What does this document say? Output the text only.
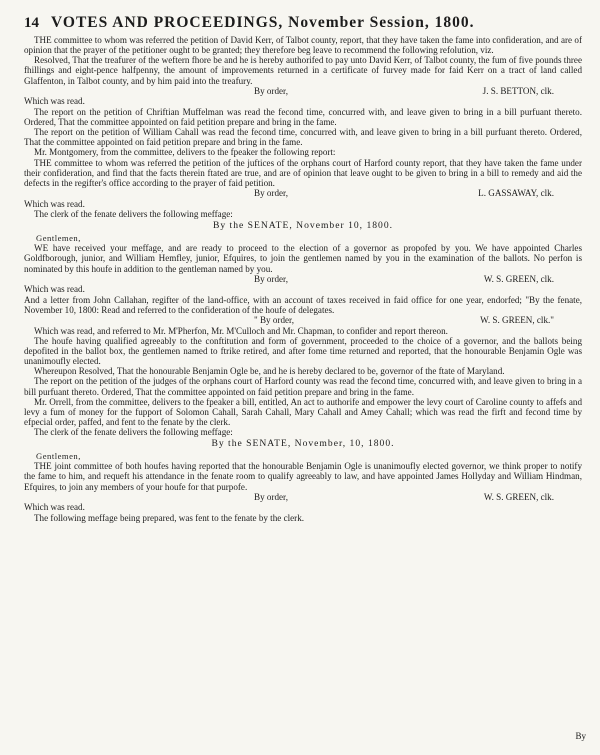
14 VOTES AND PROCEEDINGS, November Session, 1800.

THE committee to whom was referred the petition of David Kerr, of Talbot county, report, that they have taken the fame into confideration, and are of opinion that the prayer of the petitioner ought to be granted; they therefore beg leave to recommend the following refolution, viz.

Resolved, That the treafurer of the weftern fhore be and he is hereby authorifed to pay unto David Kerr, of Talbot county, the fum of five pounds three fhillings and eight-pence halfpenny, the amount of improvements returned in a certificate of furvey made for faid Kerr on a tract of land called Glaffenton, in Talbot county, and by him paid into the treafury.

By order,	J. S. BETTON, clk.

Which was read.

The report on the petition of Chriftian Muffelman was read the fecond time, concurred with, and leave given to bring in a bill purfuant thereto. Ordered, That the committee appointed on faid petition prepare and bring in the fame.

The report on the petition of William Cahall was read the fecond time, concurred with, and leave given to bring in a bill purfuant thereto. Ordered, That the committee appointed on faid petition prepare and bring in the fame.

Mr. Montgomery, from the committee, delivers to the fpeaker the following report:

THE committee to whom was referred the petition of the juftices of the orphans court of Harford county report, that they have taken the fame under their confideration, and find that the facts therein ftated are true, and are of opinion that leave ought to be given to bring in a bill to remedy and aid the defects in the regifter's office according to the prayer of faid petition.

By order,	L. GASSAWAY, clk.

Which was read.

The clerk of the fenate delivers the following meffage:

By the SENATE, November 10, 1800.

Gentlemen,

WE have received your meffage, and are ready to proceed to the election of a governor as propofed by you. We have appointed Charles Goldfborough, junior, and William Hemfley, junior, Efquires, to join the gentlemen named by you in the examination of the ballots. No perfon is nominated by this houfe in addition to the gentleman named by you.

By order,	W. S. GREEN, clk.

Which was read.

And a letter from John Callahan, regifter of the land-office, with an account of taxes received in faid office for one year, endorfed; "By the fenate, November 10, 1800: Read and referred to the confideration of the houfe of delegates.

" By order,	W. S. GREEN, clk."

Which was read, and referred to Mr. M'Pherfon, Mr. M'Culloch and Mr. Chapman, to confider and report thereon.

The houfe having qualified agreeably to the conftitution and form of government, proceeded to the choice of a governor, and the ballots being depofited in the ballot box, the gentlemen named to ftrike retired, and after fome time returned and reported, that the honourable Benjamin Ogle was unanimoufly elected.

Whereupon Resolved, That the honourable Benjamin Ogle be, and he is hereby declared to be, governor of the ftate of Maryland.

The report on the petition of the judges of the orphans court of Harford county was read the fecond time, concurred with, and leave given to bring in a bill purfuant thereto. Ordered, That the committee appointed on faid petition prepare and bring in the fame.

Mr. Orrell, from the committee, delivers to the fpeaker a bill, entitled, An act to authorife and empower the levy court of Caroline county to affefs and levy a fum of money for the fupport of Solomon Cahall, Sarah Cahall, Mary Cahall and Amey Cahall; which was read the firft and fecond time by efpecial order, paffed, and fent to the fenate by the clerk.

The clerk of the fenate delivers the following meffage:

By the SENATE, November, 10, 1800.

Gentlemen,

THE joint committee of both houfes having reported that the honourable Benjamin Ogle is unanimoufly elected governor, we think proper to notify the fame to him, and requeft his attendance in the fenate room to qualify agreeably to law, and have appointed James Hollyday and William Hindman, Efquires, to join any members of your houfe for that purpofe.

By order,	W. S. GREEN, clk.

Which was read.

The following meffage being prepared, was fent to the fenate by the clerk.

By
